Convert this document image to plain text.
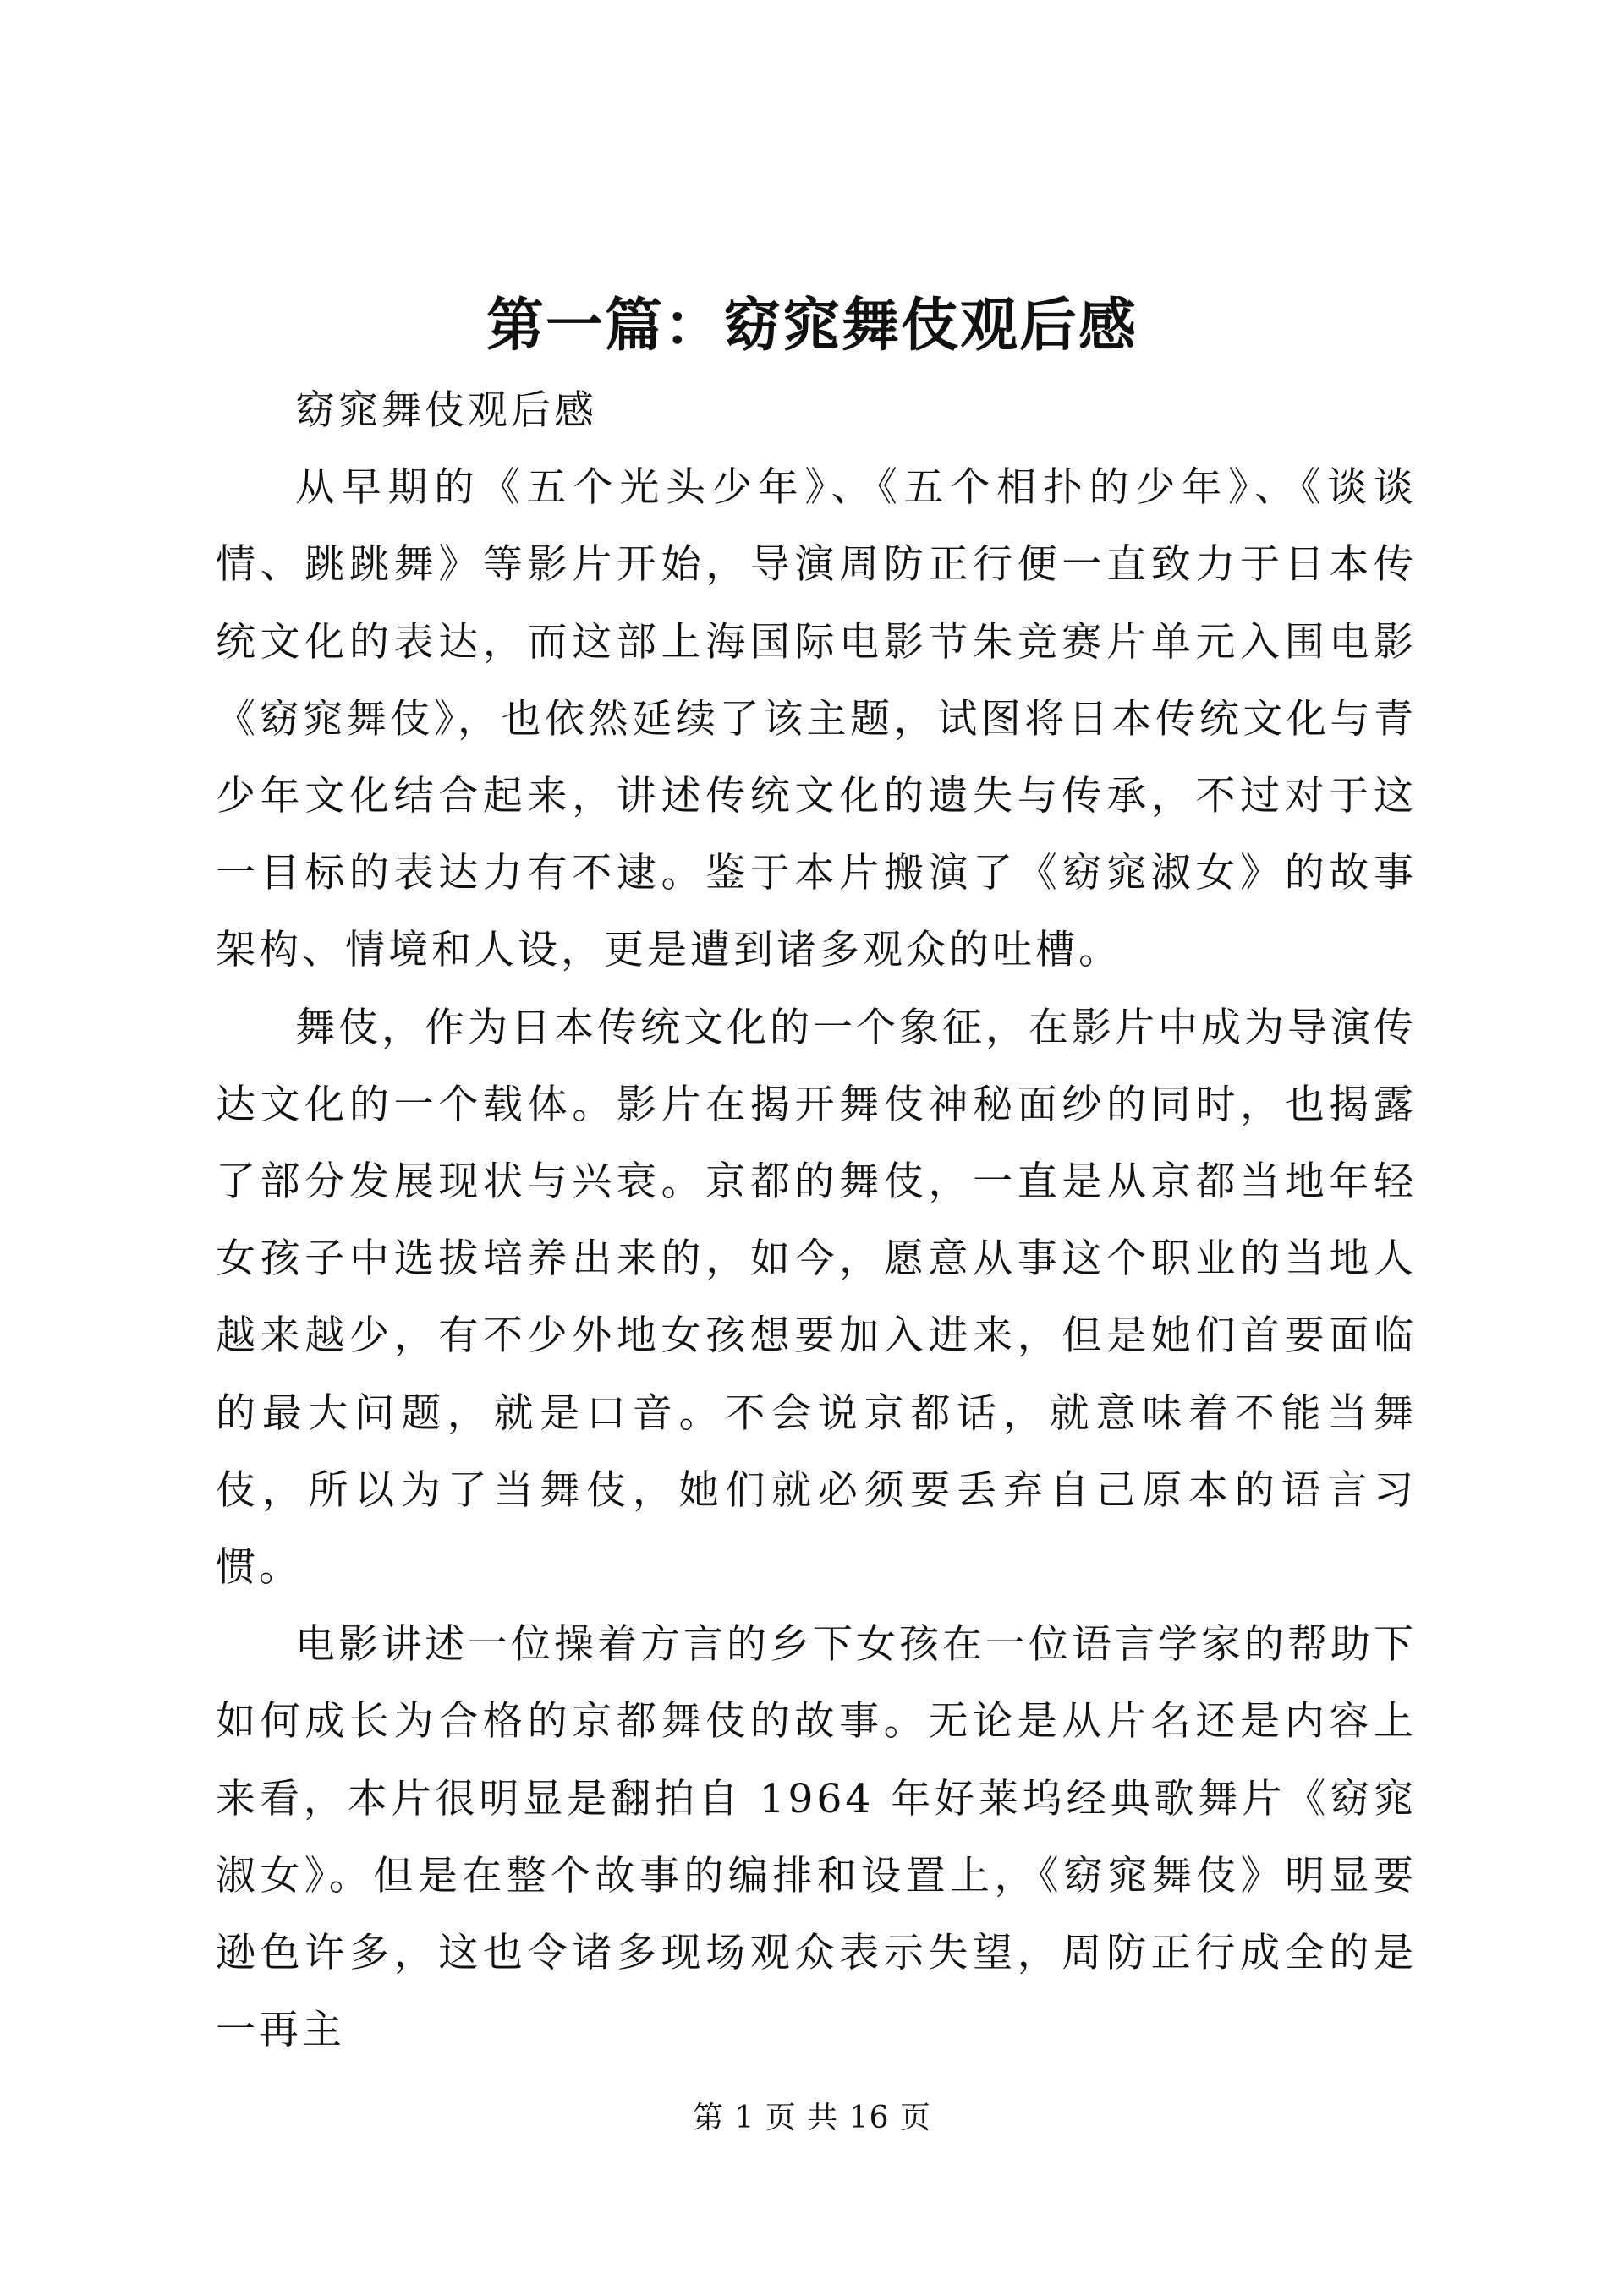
第一篇：窈窕舞伎观后感

窈窕舞伎观后感

从早期的《五个光头少年》、《五个相扑的少年》、《谈谈情、跳跳舞》等影片开始，导演周防正行便一直致力于日本传统文化的表达，而这部上海国际电影节朱竞赛片单元入围电影《窈窕舞伎》，也依然延续了该主题，试图将日本传统文化与青少年文化结合起来，讲述传统文化的遗失与传承，不过对于这一目标的表达力有不逮。鉴于本片搬演了《窈窕淑女》的故事架构、情境和人设，更是遭到诸多观众的吐槽。

舞伎，作为日本传统文化的一个象征，在影片中成为导演传达文化的一个载体。影片在揭开舞伎神秘面纱的同时，也揭露了部分发展现状与兴衰。京都的舞伎，一直是从京都当地年轻女孩子中选拔培养出来的，如今，愿意从事这个职业的当地人越来越少，有不少外地女孩想要加入进来，但是她们首要面临的最大问题，就是口音。不会说京都话，就意味着不能当舞伎，所以为了当舞伎，她们就必须要丢弃自己原本的语言习惯。

电影讲述一位操着方言的乡下女孩在一位语言学家的帮助下如何成长为合格的京都舞伎的故事。无论是从片名还是内容上来看，本片很明显是翻拍自 1964 年好莱坞经典歌舞片《窈窕淑女》。但是在整个故事的编排和设置上，《窈窕舞伎》明显要逊色许多，这也令诸多现场观众表示失望，周防正行成全的是一再主

第 1 页 共 16 页
